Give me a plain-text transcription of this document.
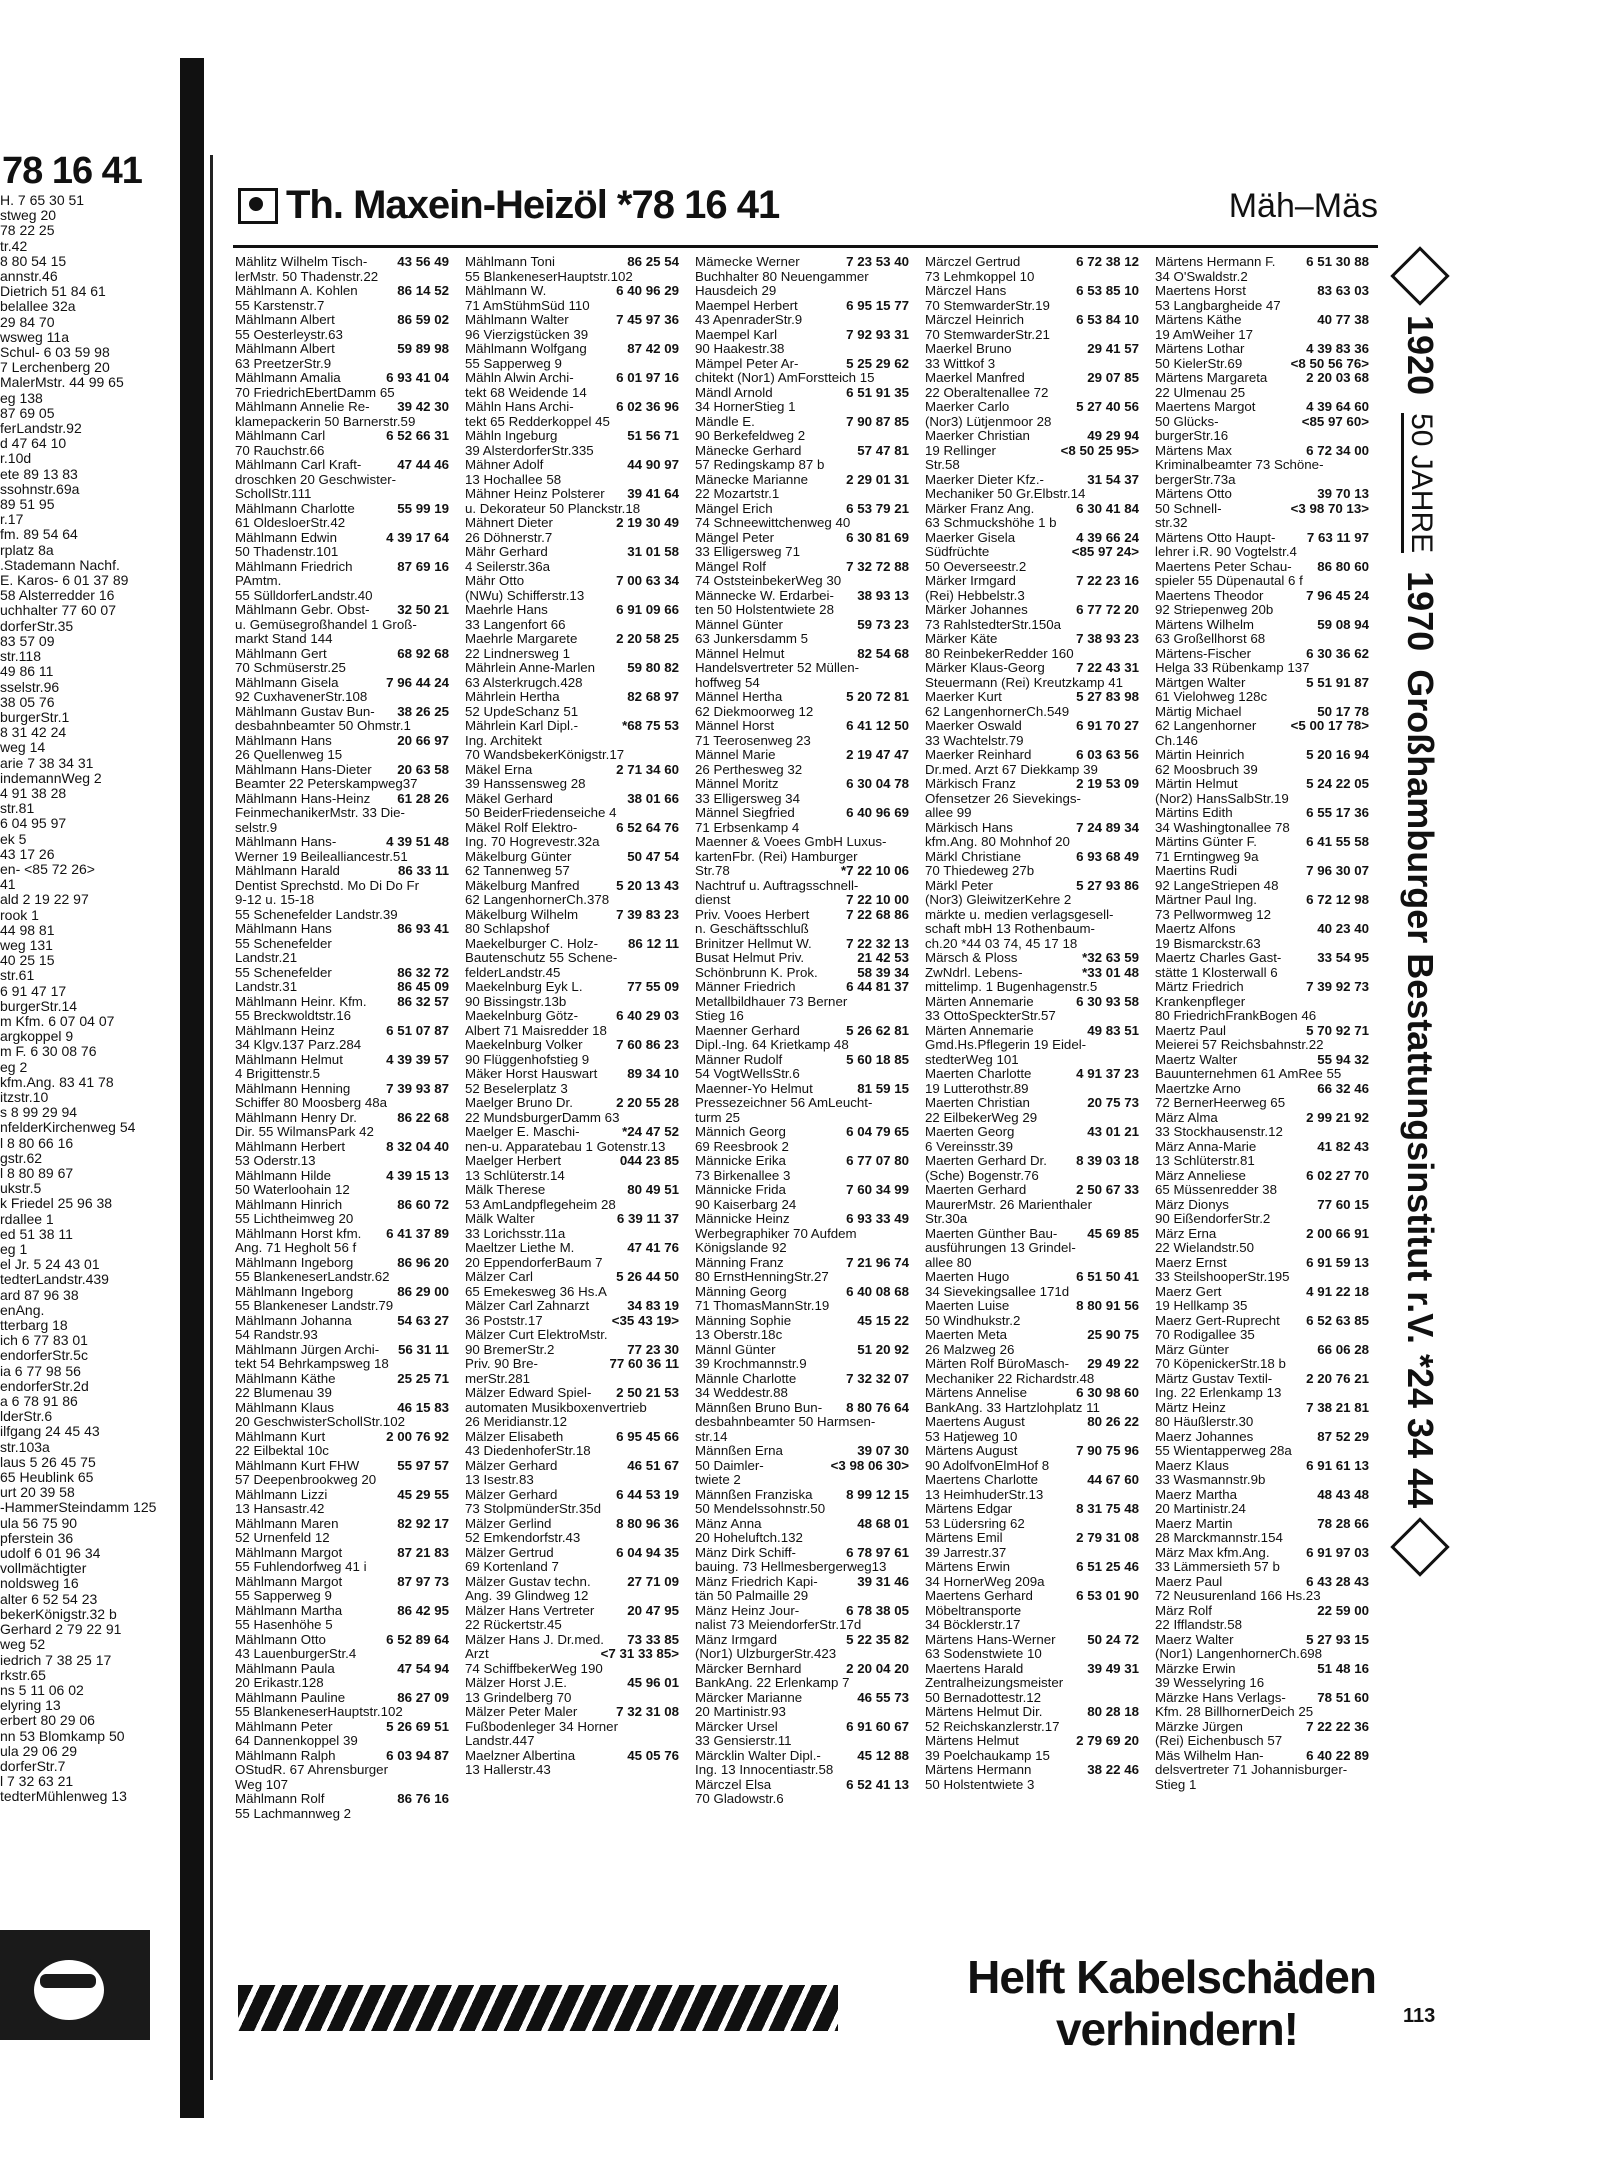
78 16 41
H. 7 65 30 51
stweg 20
78 22 25
tr.42
8 80 54 15
annstr.46
Dietrich 51 84 61
belallee 32a
29 84 70
wsweg 11a
Schul- 6 03 59 98
7 Lerchenberg 20
MalerMstr. 44 99 65
eg 138
87 69 05
ferLandstr.92
d 47 64 10
r.10d
ete 89 13 83
ssohnstr.69a
89 51 95
r.17
fm. 89 54 64
rplatz 8a
.Stademann Nachf.
E. Karos- 6 01 37 89
58 Alsterredder 16
uchhalter 77 60 07
dorferStr.35
83 57 09
str.118
49 86 11
sselstr.96
38 05 76
burgerStr.1
8 31 42 24
weg 14
arie 7 38 34 31
indemannWeg 2
4 91 38 28
str.81
6 04 95 97
ek 5
43 17 26
en- <85 72 26>
41
ald 2 19 22 97
rook 1
44 98 81
weg 131
40 25 15
str.61
6 91 47 17
burgerStr.14
m Kfm. 6 07 04 07
argkoppel 9
m F. 6 30 08 76
eg 2
kfm.Ang. 83 41 78
itzstr.10
s 8 99 29 94
nfelderKirchenweg 54
l 8 80 66 16
gstr.62
l 8 80 89 67
ukstr.5
k Friedel 25 96 38
rdallee 1
ed 51 38 11
eg 1
el Jr. 5 24 43 01
tedterLandstr.439
ard 87 96 38
enAng.
tterbarg 18
ich 6 77 83 01
endorferStr.5c
ia 6 77 98 56
endorferStr.2d
a 6 78 91 86
lderStr.6
ilfgang 24 45 43
str.103a
laus 5 26 45 75
65 Heublink 65
urt 20 39 58
-HammerSteindamm 125
ula 56 75 90
pferstein 36
udolf 6 01 96 34
vollmächtigter
noldsweg 16
alter 6 52 54 23
bekerKönigstr.32 b
Gerhard 2 79 22 91
weg 52
iedrich 7 38 25 17
rkstr.65
ns 5 11 06 02
elyring 13
erbert 80 29 06
nn 53 Blomkamp 50
ula 29 06 29
dorferStr.7
l 7 32 63 21
tedterMühlenweg 13
Th. Maxein-Heizöl *78 16 41	Mäh–Mäs
Mählitz Wilhelm Tisch-	43 56 49
lerMstr. 50 Thadenstr.22
Mählmann A. Kohlen	86 14 52
55 Karstenstr.7
Mählmann Albert	86 59 02
55 Oesterleystr.63
Mählmann Albert	59 89 98
63 PreetzerStr.9
Mählmann Amalia	6 93 41 04
70 FriedrichEbertDamm 65
Mählmann Annelie Re-	39 42 30
klamepackerin 50 Barnerstr.59
Mählmann Carl	6 52 66 31
70 Rauchstr.66
Mählmann Carl Kraft-	47 44 46
droschken 20 Geschwister-
SchollStr.111
Mählmann Charlotte	55 99 19
61 OldesloerStr.42
Mählmann Edwin	4 39 17 64
50 Thadenstr.101
Mählmann Friedrich	87 69 16
PAmtm.
55 SülldorferLandstr.40
Mählmann Gebr. Obst-	32 50 21
u. Gemüsegroßhandel 1 Groß-
markt Stand 144
Mählmann Gert	68 92 68
70 Schmüserstr.25
Mählmann Gisela	7 96 44 24
92 CuxhavenerStr.108
Mählmann Gustav Bun-	38 26 25
desbahnbeamter 50 Ohmstr.1
Mählmann Hans	20 66 97
26 Quellenweg 15
Mählmann Hans-Dieter	20 63 58
Beamter 22 Peterskampweg37
Mählmann Hans-Heinz	61 28 26
FeinmechanikerMstr. 33 Die-
selstr.9
Mählmann Hans-	4 39 51 48
Werner 19 Beilealliancestr.51
Mählmann Harald	86 33 11
Dentist Sprechstd. Mo Di Do Fr
9-12 u. 15-18
55 Schenefelder Landstr.39
Mählmann Hans	86 93 41
55 Schenefelder
Landstr.21
55 Schenefelder	86 32 72
Landstr.31	86 45 09
Mählmann Heinr. Kfm.	86 32 57
55 Breckwoldtstr.16
Mählmann Heinz	6 51 07 87
34 Klgv.137 Parz.284
Mählmann Helmut	4 39 39 57
4 Brigittenstr.5
Mählmann Henning	7 39 93 87
Schiffer 80 Moosberg 48a
Mählmann Henry Dr.	86 22 68
Dir. 55 WilmansPark 42
Mählmann Herbert	8 32 04 40
53 Oderstr.13
Mählmann Hilde	4 39 15 13
50 Waterloohain 12
Mählmann Hinrich	86 60 72
55 Lichtheimweg 20
Mählmann Horst kfm.	6 41 37 89
Ang. 71 Hegholt 56 f
Mählmann Ingeborg	86 96 20
55 BlankeneserLandstr.62
Mählmann Ingeborg	86 29 00
55 Blankeneser Landstr.79
Mählmann Johanna	54 63 27
54 Randstr.93
Mählmann Jürgen Archi-	56 31 11
tekt 54 Behrkampsweg 18
Mählmann Käthe	25 25 71
22 Blumenau 39
Mählmann Klaus	46 15 83
20 GeschwisterSchollStr.102
Mählmann Kurt	2 00 76 92
22 Eilbektal 10c
Mählmann Kurt FHW	55 97 57
57 Deepenbrookweg 20
Mählmann Lizzi	45 29 55
13 Hansastr.42
Mählmann Maren	82 92 17
52 Urnenfeld 12
Mählmann Margot	87 21 83
55 Fuhlendorfweg 41 i
Mählmann Margot	87 97 73
55 Sapperweg 9
Mählmann Martha	86 42 95
55 Hasenhöhe 5
Mählmann Otto	6 52 89 64
43 LauenburgerStr.4
Mählmann Paula	47 54 94
20 Erikastr.128
Mählmann Pauline	86 27 09
55 BlankeneserHauptstr.102
Mählmann Peter	5 26 69 51
64 Dannenkoppel 39
Mählmann Ralph	6 03 94 87
OStudR. 67 Ahrensburger
Weg 107
Mählmann Rolf	86 76 16
55 Lachmannweg 2
Mählmann Toni	86 25 54
55 BlankeneserHauptstr.102
Mählmann W.	6 40 96 29
71 AmStühmSüd 110
Mählmann Walter	7 45 97 36
96 Vierzigstücken 39
Mählmann Wolfgang	87 42 09
55 Sapperweg 9
Mähln Alwin Archi-	6 01 97 16
tekt 68 Weidende 14
Mähln Hans Archi-	6 02 36 96
tekt 65 Redderkoppel 45
Mähln Ingeburg	51 56 71
39 AlsterdorferStr.335
Mähner Adolf	44 90 97
13 Hochallee 58
Mähner Heinz Polsterer	39 41 64
u. Dekorateur 50 Planckstr.18
Mähnert Dieter	2 19 30 49
26 Döhnerstr.7
Mähr Gerhard	31 01 58
4 Seilerstr.36a
Mähr Otto	7 00 63 34
(NWu) Schifferstr.13
Maehrle Hans	6 91 09 66
33 Langenfort 66
Maehrle Margarete	2 20 58 25
22 Lindnersweg 1
Mährlein Anne-Marlen	59 80 82
63 Alsterkrugch.428
Mährlein Hertha	82 68 97
52 UpdeSchanz 51
Mährlein Karl Dipl.-	*68 75 53
Ing. Architekt
70 WandsbekerKönigstr.17
Mäkel Erna	2 71 34 60
39 Hanssensweg 28
Mäkel Gerhard	38 01 66
50 BeiderFriedenseiche 4
Mäkel Rolf Elektro-	6 52 64 76
Ing. 70 Hogrevestr.32a
Mäkelburg Günter	50 47 54
62 Tannenweg 57
Mäkelburg Manfred	5 20 13 43
62 LangenhornerCh.378
Mäkelburg Wilhelm	7 39 83 23
80 Schlapshof
Maekelburger C. Holz-	86 12 11
Bautenschutz 55 Schene-
felderLandstr.45
Maekelnburg Eyk L.	77 55 09
90 Bissingstr.13b
Maekelnburg Götz-	6 40 29 03
Albert 71 Maisredder 18
Maekelnburg Volker	7 60 86 23
90 Flüggenhofstieg 9
Mäker Horst Hauswart	89 34 10
52 Beselerplatz 3
Maelger Bruno Dr.	2 20 55 28
22 MundsburgerDamm 63
Maelger E. Maschi-	*24 47 52
nen-u. Apparatebau 1 Gotenstr.13
Maelger Herbert	044 23 85
13 Schlüterstr.14
Mälk Therese	80 49 51
53 AmLandpflegeheim 28
Mälk Walter	6 39 11 37
33 Lorichsstr.11a
Maeltzer Liethe M.	47 41 76
20 EppendorferBaum 7
Mälzer Carl	5 26 44 50
65 Emekesweg 36 Hs.A
Mälzer Carl Zahnarzt	34 83 19
36 Poststr.17	<35 43 19>
Mälzer Curt ElektroMstr.
90 BremerStr.2	77 23 30
Priv. 90 Bre-	77 60 36 11
merStr.281
Mälzer Edward Spiel-	2 50 21 53
automaten Musikboxenvertrieb
26 Meridianstr.12
Mälzer Elisabeth	6 95 45 66
43 DiedenhoferStr.18
Mälzer Gerhard	46 51 67
13 Isestr.83
Mälzer Gerhard	6 44 53 19
73 StolpmünderStr.35d
Mälzer Gerlind	8 80 96 36
52 Emkendorfstr.43
Mälzer Gertrud	6 04 94 35
69 Kortenland 7
Mälzer Gustav techn.	27 71 09
Ang. 39 Glindweg 12
Mälzer Hans Vertreter	20 47 95
22 Rückertstr.45
Mälzer Hans J. Dr.med.	73 33 85
Arzt	<7 31 33 85>
74 SchiffbekerWeg 190
Mälzer Horst J.E.	45 96 01
13 Grindelberg 70
Mälzer Peter Maler	7 32 31 08
Fußbodenleger 34 Horner
Landstr.447
Maelzner Albertina	45 05 76
13 Hallerstr.43
Mämecke Werner	7 23 53 40
Buchhalter 80 Neuengammer
Hausdeich 29
Maempel Herbert	6 95 15 77
43 ApenraderStr.9
Maempel Karl	7 92 93 31
90 Haakestr.38
Mämpel Peter Ar-	5 25 29 62
chitekt (Nor1) AmForstteich 15
Mändl Arnold	6 51 91 35
34 HornerStieg 1
Mändle E.	7 90 87 85
90 Berkefeldweg 2
Mänecke Gerhard	57 47 81
57 Redingskamp 87 b
Mänecke Marianne	2 29 01 31
22 Mozartstr.1
Mängel Erich	6 53 79 21
74 Schneewittchenweg 40
Mängel Peter	6 30 81 69
33 Elligersweg 71
Mängel Rolf	7 32 72 88
74 OststeinbekerWeg 30
Männecke W. Erdarbei-	38 93 13
ten 50 Holstentwiete 28
Männel Günter	59 73 23
63 Junkersdamm 5
Männel Helmut	82 54 68
Handelsvertreter 52 Müllen-
hoffweg 54
Männel Hertha	5 20 72 81
62 Diekmoorweg 12
Männel Horst	6 41 12 50
71 Teerosenweg 23
Männel Marie	2 19 47 47
26 Perthesweg 32
Männel Moritz	6 30 04 78
33 Elligersweg 34
Männel Siegfried	6 40 96 69
71 Erbsenkamp 4
Maenner & Voees GmbH Luxus-
kartenFbr. (Rei) Hamburger
Str.78	*7 22 10 06
Nachtruf u. Auftragsschnell-
dienst	7 22 10 00
Priv. Vooes Herbert	7 22 68 86
n. Geschäftsschluß
Brinitzer Hellmut W.	7 22 32 13
Busat Helmut Priv.	21 42 53
Schönbrunn K. Prok.	58 39 34
Männer Friedrich	6 44 81 37
Metallbildhauer 73 Berner
Stieg 16
Maenner Gerhard	5 26 62 81
Dipl.-Ing. 64 Krietkamp 48
Männer Rudolf	5 60 18 85
54 VogtWellsStr.6
Maenner-Yo Helmut	81 59 15
Pressezeichner 56 AmLeucht-
turm 25
Männich Georg	6 04 79 65
69 Reesbrook 2
Männicke Erika	6 77 07 80
73 Birkenallee 3
Männicke Frida	7 60 34 99
90 Kaiserbarg 24
Männicke Heinz	6 93 33 49
Werbegraphiker 70 Aufdem
Königslande 92
Männing Franz	7 21 96 74
80 ErnstHenningStr.27
Männing Georg	6 40 08 68
71 ThomasMannStr.19
Männing Sophie	45 15 22
13 Oberstr.18c
Männl Günter	51 20 92
39 Krochmannstr.9
Männle Charlotte	7 32 32 07
34 Weddestr.88
Männßen Bruno Bun-	8 80 76 64
desbahnbeamter 50 Harmsen-
str.14
Männßen Erna	39 07 30
50 Daimler-	<3 98 06 30>
twiete 2
Männßen Franziska	8 99 12 15
50 Mendelssohnstr.50
Mänz Anna	48 68 01
20 Hoheluftch.132
Mänz Dirk Schiff-	6 78 97 61
bauing. 73 Hellmesbergerweg13
Mänz Friedrich Kapi-	39 31 46
tän 50 Palmaille 29
Mänz Heinz Jour-	6 78 38 05
nalist 73 MeiendorferStr.17d
Mänz Irmgard	5 22 35 82
(Nor1) UlzburgerStr.423
Märcker Bernhard	2 20 04 20
BankAng. 22 Erlenkamp 7
Märcker Marianne	46 55 73
20 Martinistr.93
Märcker Ursel	6 91 60 67
33 Gensierstr.11
Märcklin Walter Dipl.-	45 12 88
Ing. 13 Innocentiastr.58
Märczel Elsa	6 52 41 13
70 Gladowstr.6
Märczel Gertrud	6 72 38 12
73 Lehmkoppel 10
Märczel Hans	6 53 85 10
70 StemwarderStr.19
Märczel Heinrich	6 53 84 10
70 StemwarderStr.21
Maerkel Bruno	29 41 57
33 Wittkof 3
Maerkel Manfred	29 07 85
22 Oberaltenallee 72
Maerker Carlo	5 27 40 56
(Nor3) Lütjenmoor 28
Maerker Christian	49 29 94
19 Rellinger	<8 50 25 95>
Str.58
Maerker Dieter Kfz.-	31 54 37
Mechaniker 50 Gr.Elbstr.14
Märker Franz Ang.	6 30 41 84
63 Schmuckshöhe 1 b
Maerker Gisela	4 39 66 24
Südfrüchte	<85 97 24>
50 Oeverseestr.2
Märker Irmgard	7 22 23 16
(Rei) Hebbelstr.3
Märker Johannes	6 77 72 20
73 RahlstedterStr.150a
Märker Käte	7 38 93 23
80 ReinbekerRedder 160
Märker Klaus-Georg	7 22 43 31
Steuermann (Rei) Kreutzkamp 41
Maerker Kurt	5 27 83 98
62 LangenhornerCh.549
Maerker Oswald	6 91 70 27
33 Wachtelstr.79
Maerker Reinhard	6 03 63 56
Dr.med. Arzt 67 Diekkamp 39
Märkisch Franz	2 19 53 09
Ofensetzer 26 Sievekings-
allee 99
Märkisch Hans	7 24 89 34
kfm.Ang. 80 Mohnhof 20
Märkl Christiane	6 93 68 49
70 Thiedeweg 27b
Märkl Peter	5 27 93 86
(Nor3) GleiwitzerKehre 2
märkte u. medien verlagsgesell-
schaft mbH 13 Rothenbaum-
ch.20 *44 03 74, 45 17 18
Märsch & Ploss	*32 63 59
ZwNdrl. Lebens-	*33 01 48
mittelimp. 1 Bugenhagenstr.5
Märten Annemarie	6 30 93 58
33 OttoSpeckterStr.57
Märten Annemarie	49 83 51
Gmd.Hs.Pflegerin 19 Eidel-
stedterWeg 101
Maerten Charlotte	4 91 37 23
19 Lutterothstr.89
Maerten Christian	20 75 73
22 EilbekerWeg 29
Maerten Georg	43 01 21
6 Vereinsstr.39
Maerten Gerhard Dr.	8 39 03 18
(Sche) Bogenstr.76
Maerten Gerhard	2 50 67 33
MaurerMstr. 26 Marienthaler
Str.30a
Maerten Günther Bau-	45 69 85
ausführungen 13 Grindel-
allee 80
Maerten Hugo	6 51 50 41
34 Sievekingsallee 171d
Maerten Luise	8 80 91 56
50 Windhukstr.2
Maerten Meta	25 90 75
26 Malzweg 26
Märten Rolf BüroMasch-	29 49 22
Mechaniker 22 Richardstr.48
Märtens Annelise	6 30 98 60
BankAng. 33 Hartzlohplatz 11
Maertens August	80 26 22
53 Hatjeweg 10
Märtens August	7 90 75 96
90 AdolfvonElmHof 8
Maertens Charlotte	44 67 60
13 HeimhuderStr.13
Märtens Edgar	8 31 75 48
53 Lüdersring 62
Märtens Emil	2 79 31 08
39 Jarrestr.37
Märtens Erwin	6 51 25 46
34 HornerWeg 209a
Maertens Gerhard	6 53 01 90
Möbeltransporte
34 Böcklerstr.17
Märtens Hans-Werner	50 24 72
63 Sodenstwiete 10
Maertens Harald	39 49 31
Zentralheizungsmeister
50 Bernadottestr.12
Märtens Helmut Dir.	80 28 18
52 Reichskanzlerstr.17
Märtens Helmut	2 79 69 20
39 Poelchaukamp 15
Märtens Hermann	38 22 46
50 Holstentwiete 3
Märtens Hermann F.	6 51 30 88
34 O'Swaldstr.2
Maertens Horst	83 63 03
53 Langbargheide 47
Märtens Käthe	40 77 38
19 AmWeiher 17
Märtens Lothar	4 39 83 36
50 KielerStr.69	<8 50 56 76>
Märtens Margareta	2 20 03 68
22 Ulmenau 25
Maertens Margot	4 39 64 60
50 Glücks-	<85 97 60>
burgerStr.16
Märtens Max	6 72 34 00
Kriminalbeamter 73 Schöne-
bergerStr.73a
Märtens Otto	39 70 13
50 Schnell-	<3 98 70 13>
str.32
Märtens Otto Haupt-	7 63 11 97
lehrer i.R. 90 Vogtelstr.4
Maertens Peter Schau-	86 80 60
spieler 55 Düpenautal 6 f
Maertens Theodor	7 96 45 24
92 Striepenweg 20b
Märtens Wilhelm	59 08 94
63 Großellhorst 68
Märtens-Fischer	6 30 36 62
Helga 33 Rübenkamp 137
Märtgen Walter	5 51 91 87
61 Vielohweg 128c
Märtig Michael	50 17 78
62 Langenhorner	<5 00 17 78>
Ch.146
Märtin Heinrich	5 20 16 94
62 Moosbruch 39
Märtin Helmut	5 24 22 05
(Nor2) HansSalbStr.19
Märtins Edith	6 55 17 36
34 Washingtonallee 78
Märtins Günter F.	6 41 55 58
71 Erntingweg 9a
Maertins Rudi	7 96 30 07
92 LangeStriepen 48
Märtner Paul Ing.	6 72 12 98
73 Pellwormweg 12
Maertz Alfons	40 23 40
19 Bismarckstr.63
Maertz Charles Gast-	33 54 95
stätte 1 Klosterwall 6
Märtz Friedrich	7 39 92 73
Krankenpfleger
80 FriedrichFrankBogen 46
Maertz Paul	5 70 92 71
Meierei 57 Reichsbahnstr.22
Maertz Walter	55 94 32
Bauunternehmen 61 AmRee 55
Maertzke Arno	66 32 46
72 BernerHeerweg 65
März Alma	2 99 21 92
33 Stockhausenstr.12
März Anna-Marie	41 82 43
13 Schlüterstr.81
März Anneliese	6 02 27 70
65 Müssenredder 38
März Dionys	77 60 15
90 EißendorferStr.2
März Erna	2 00 66 91
22 Wielandstr.50
Maerz Ernst	6 91 59 13
33 SteilshooperStr.195
Maerz Gert	4 91 22 18
19 Hellkamp 35
Maerz Gert-Ruprecht	6 52 63 85
70 Rodigallee 35
März Günter	66 06 28
70 KöpenickerStr.18 b
Märtz Gustav Textil-	2 20 76 21
Ing. 22 Erlenkamp 13
Märtz Heinz	7 38 21 81
80 Häußlerstr.30
Maerz Johannes	87 52 29
55 Wientapperweg 28a
Maerz Klaus	6 91 61 13
33 Wasmannstr.9b
Maerz Martha	48 43 48
20 Martinistr.24
Maerz Martin	78 28 66
28 Marckmannstr.154
März Max kfm.Ang.	6 91 97 03
33 Lämmersieth 57 b
Maerz Paul	6 43 28 43
72 Neusurenland 166 Hs.23
März Rolf	22 59 00
22 Ifflandstr.58
Maerz Walter	5 27 93 15
(Nor1) LangenhornerCh.698
Märzke Erwin	51 48 16
39 Wesselyring 16
Märzke Hans Verlags-	78 51 60
Kfm. 28 BillhornerDeich 25
Märzke Jürgen	7 22 22 36
(Rei) Eichenbusch 57
Mäs Wilhelm Han-	6 40 22 89
delsvertreter 71 Johannisburger-
Stieg 1
1920
50 JAHRE
1970
Großhamburger Bestattungsinstitut r.V. *24 34 44
Helft Kabelschäden
verhindern!	113
